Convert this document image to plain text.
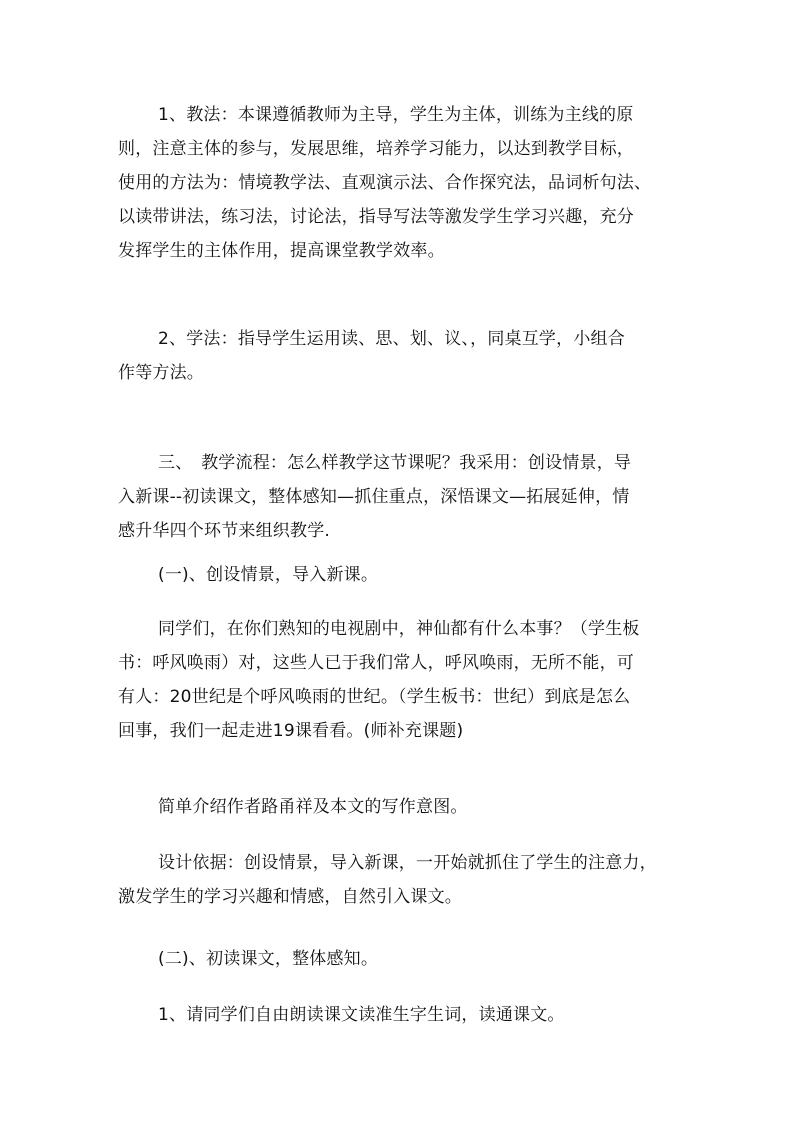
1、教法：本课遵循教师为主导，学生为主体，训练为主线的原
则，注意主体的参与，发展思维，培养学习能力，以达到教学目标，
使用的方法为：情境教学法、直观演示法、合作探究法，品词析句法、
以读带讲法，练习法，讨论法，指导写法等激发学生学习兴趣，充分
发挥学生的主体作用，提高课堂教学效率。
2、学法：指导学生运用读、思、划、议、，同桌互学，小组合
作等方法。
三、　教学流程：怎么样教学这节课呢？我采用：创设情景，导
入新课--初读课文，整体感知—抓住重点，深悟课文—拓展延伸，情
感升华四个环节来组织教学.
(一)、创设情景，导入新课。
同学们，在你们熟知的电视剧中，神仙都有什么本事？（学生板
书：呼风唤雨）对，这些人已于我们常人，呼风唤雨，无所不能，可
有人：20世纪是个呼风唤雨的世纪。（学生板书：世纪）到底是怎么
回事，我们一起走进19课看看。(师补充课题)
简单介绍作者路甬祥及本文的写作意图。
设计依据：创设情景，导入新课，一开始就抓住了学生的注意力，
激发学生的学习兴趣和情感，自然引入课文。
(二)、初读课文，整体感知。
1、请同学们自由朗读课文读准生字生词，读通课文。
